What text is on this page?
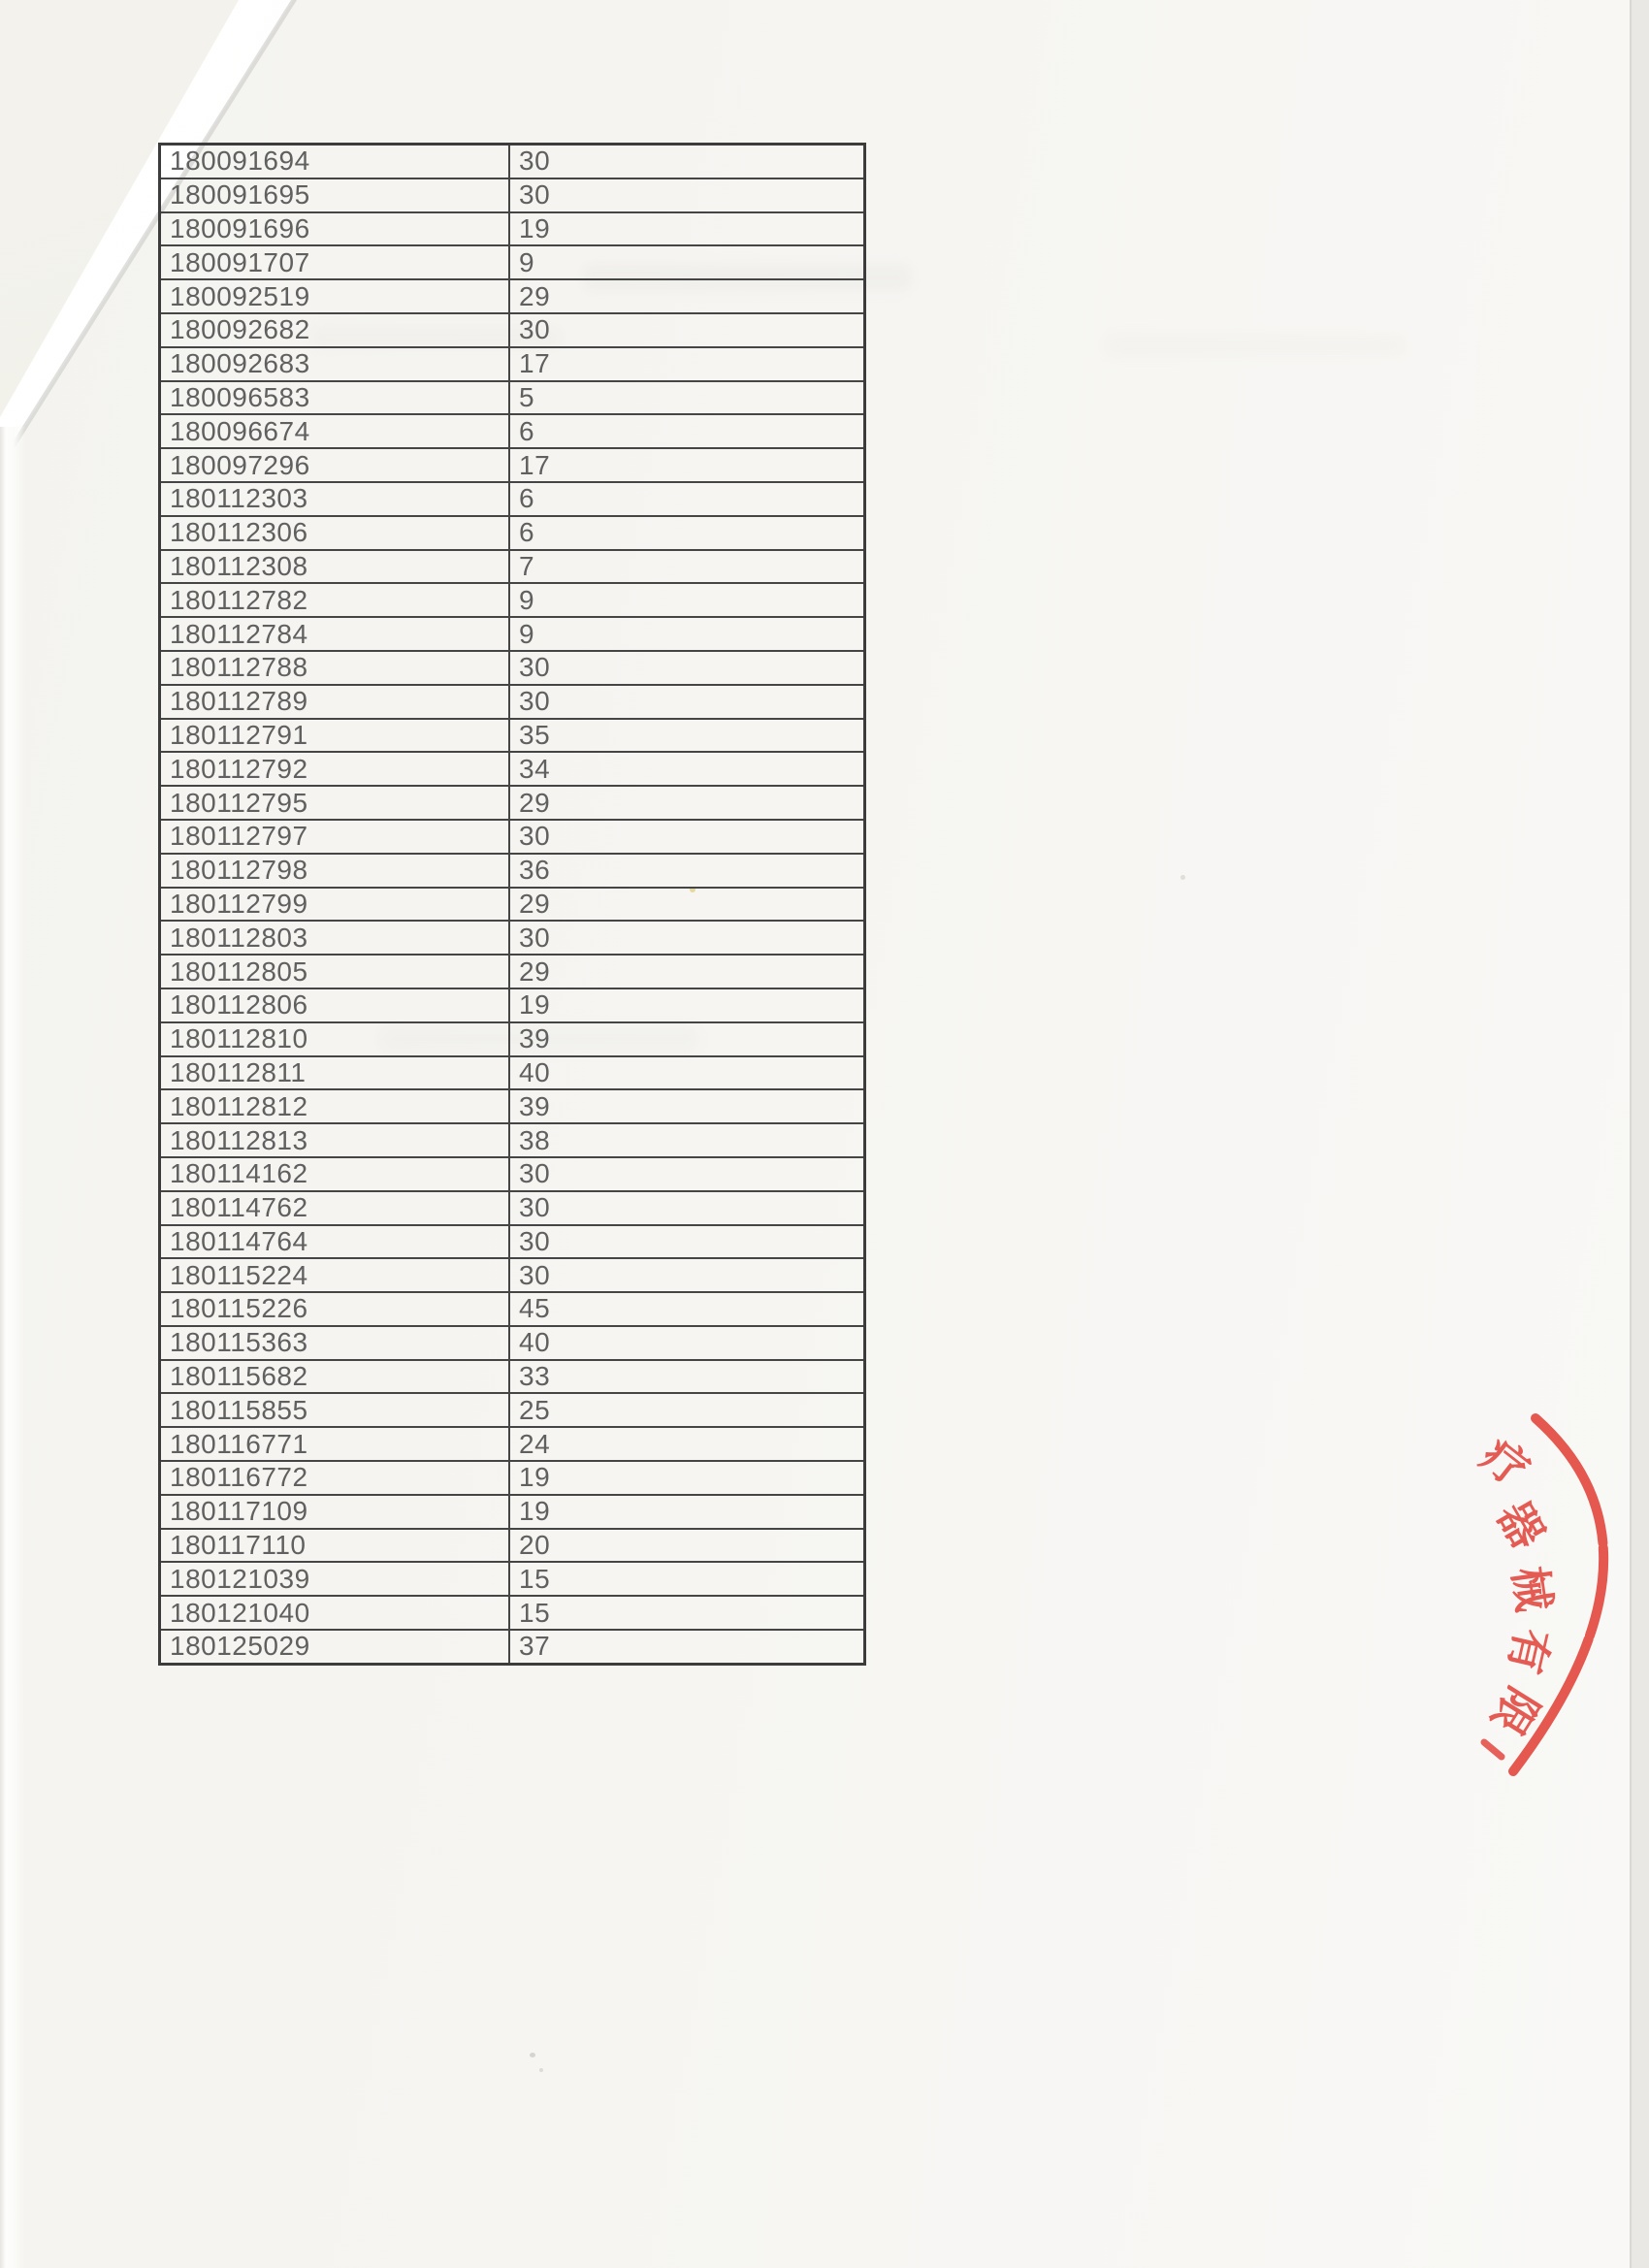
180091694	30
180091695	30
180091696	19
180091707	9
180092519	29
180092682	30
180092683	17
180096583	5
180096674	6
180097296	17
180112303	6
180112306	6
180112308	7
180112782	9
180112784	9
180112788	30
180112789	30
180112791	35
180112792	34
180112795	29
180112797	30
180112798	36
180112799	29
180112803	30
180112805	29
180112806	19
180112810	39
180112811	40
180112812	39
180112813	38
180114162	30
180114762	30
180114764	30
180115224	30
180115226	45
180115363	40
180115682	33
180115855	25
180116771	24
180116772	19
180117109	19
180117110	20
180121039	15
180121040	15
180125029	37
疗
器
械
有
限
